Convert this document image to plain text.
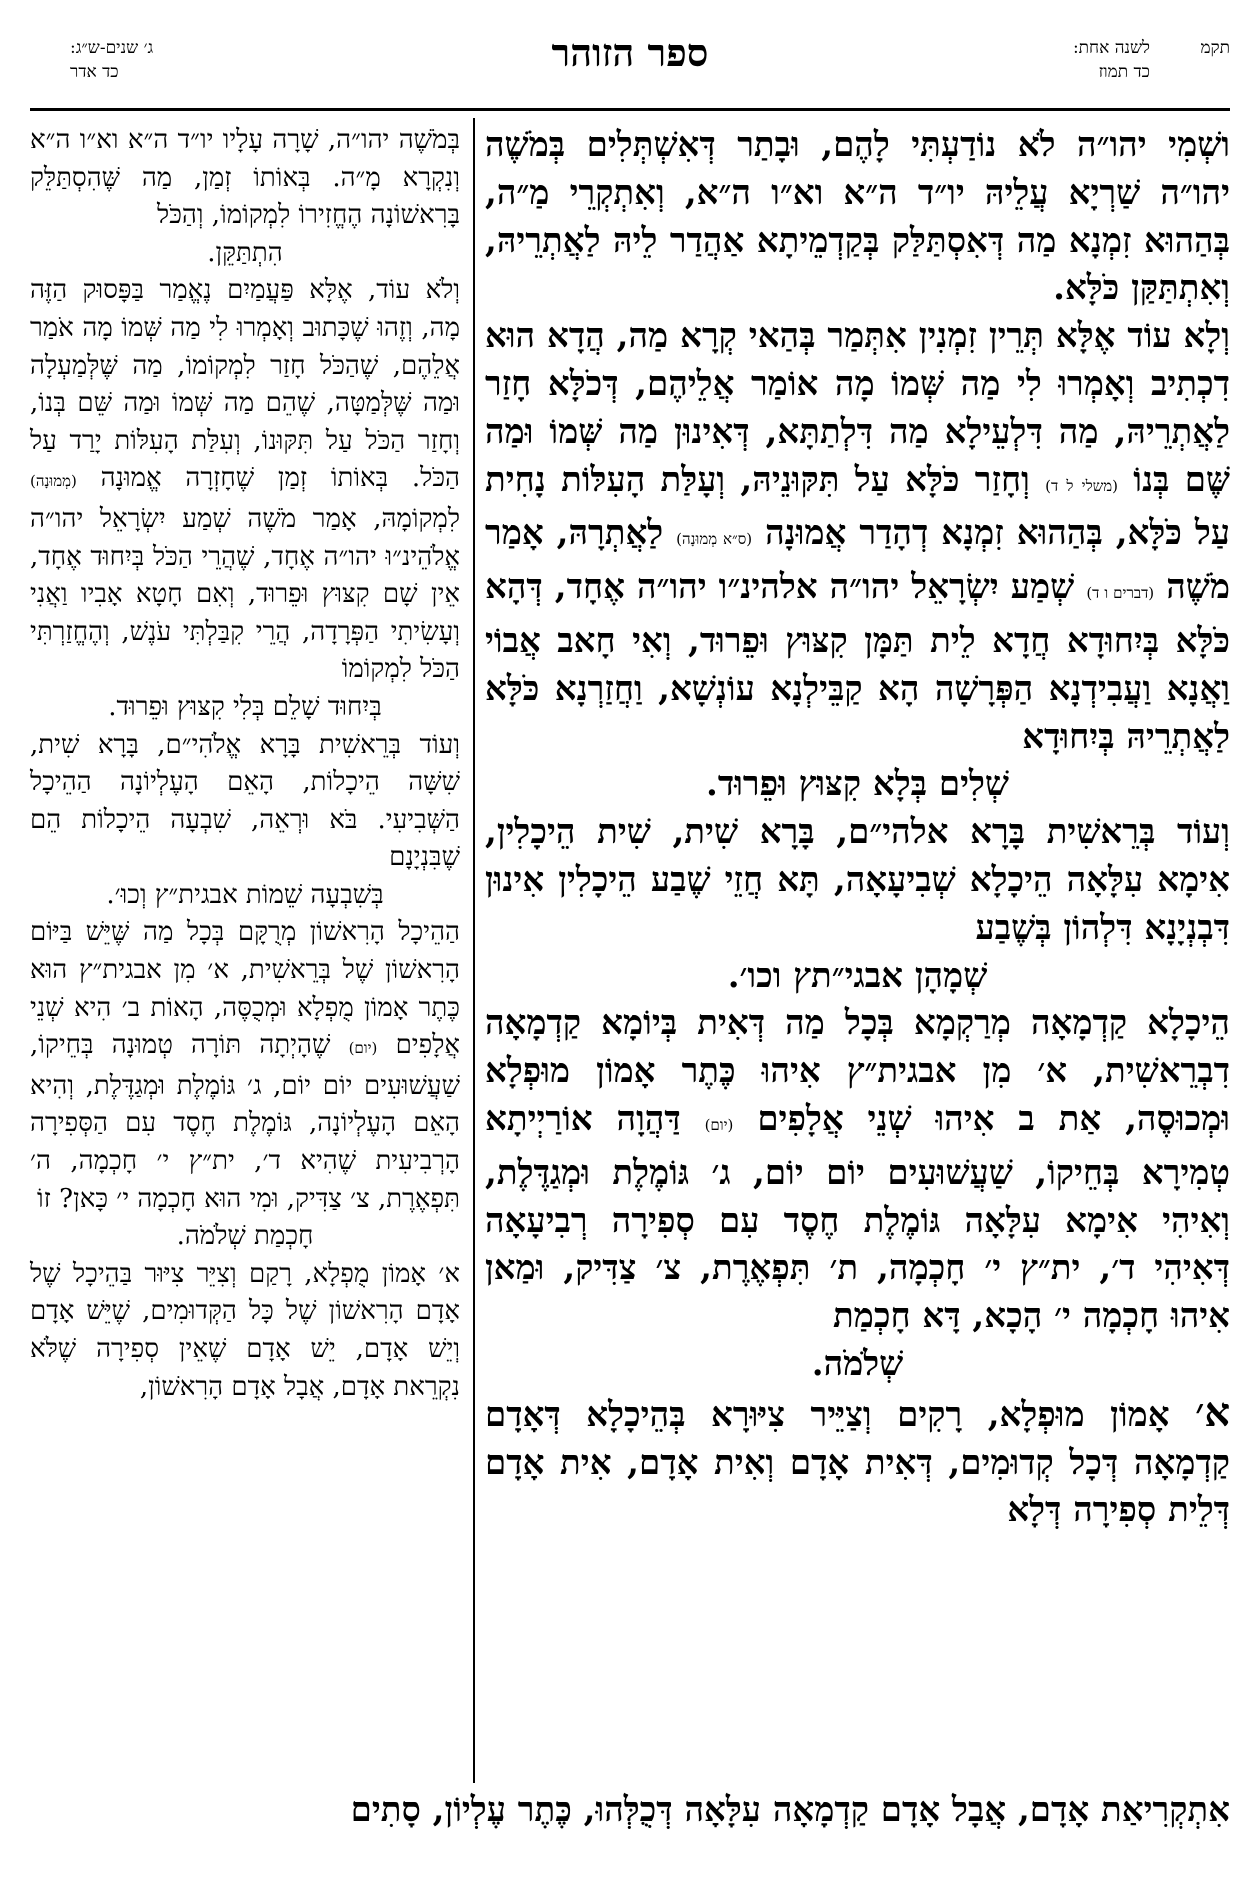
תקמ
לשנה אחת:
כד תמוז
ספר הזוהר
ג׳ שנים-ש״ג:
כד אדר

ושְׁמִי יהו״ה לֹא נוֹדַעְתִּי לָהֶם, וּבָתַר דְּאִשְׁתְּלִים בְּמֹשֶׁה יהו״ה שַׁרְיָא עֲלֵיהּ יו״ד ה״א וא״ו ה״א, וְאִתְקְרֵי מַ״ה, בְּהַהוּא זִמְנָא מַה דְּאִסְתַּלַּק בְּקַדְמֵיתָא אַהֲדַר לֵיהּ לַאֲתְרֵיהּ, וְאִתְתַּקַּן כֹּלָּא.

וְלָא עוֹד אֶלָּא תְּרֵין זִמְנִין אִתְּמַר בְּהַאי קְרָא מַה, הֲדָא הוּא דִכְתִיב וְאָמְרוּ לִי מַה שְּׁמוֹ מָה אוֹמַר אֲלֵיהֶם, דְּכֹלָּא חָזַר לַאֲתְרֵיהּ, מַה דִּלְעֵילָא מַה דִּלְתַתָּא, דְּאִינוּן מַה שְּׁמוֹ וּמַה שֶּׁם בְּנוֹ (משלי ל ד) וְחָזַר כֹּלָּא עַל תִּקּוּנֵיהּ, וְעָלַּת הָעִלּוֹת נָחִית עַל כֹּלָּא, בְּהַהוּא זִמְנָא דְהָדַר אֲמוּנָה (ס״א מְמוּנָה) לַאֲתְרָהּ, אָמַר מֹשֶׁה (דברים ו ד) שְׁמַע יִשְׂרָאֵל יהו״ה אלהינ״ו יהו״ה אֶחָד, דְּהָא כֹּלָּא בְּיִחוּדָא חֲדָא לֵית תַּמָּן קִצּוּץ וּפֵרוּד, וְאִי חָאב אֲבוֹי וַאֲנָא וַעֲבִידְנָא הַפְּרָשָׁה הָא קַבֵּילְנָא עוֹנְשָׁא, וַחֲזַרְנָא כֹּלָּא לַאֲתְרֵיהּ בְּיִחוּדָא

שְׁלִים בְּלָא קִצּוּץ וּפֵרוּד.

וְעוֹד בְּרֵאשִׁית בָּרָא אלהי״ם, בָּרָא שִׁית, שִׁית הֵיכָלִין, אִימָא עִלָּאָה הֵיכָלָא שְׁבִיעָאָה, תָּא חֲזֵי שֶׁבַע הֵיכָלִין אִינוּן דִּבְנְיָנָא דִּלְהוֹן בְּשֶׁבַע

שְׁמָהָן אבגי״תץ וכו׳.

הֵיכָלָא קַדְמָאָה מְרַקְמָא בְּכָל מַה דְּאִית בְּיוֹמָא קַדְמָאָה דִבְרֵאשִׁית, א׳ מִן אבגית״ץ אִיהוּ כֶּתֶר אָמוֹן מוּפְלָא וּמְכוּסֶה, אַת ב אִיהוּ שְׁנֵי אֲלָפִים (יום) דַּהֲוָה אוֹרַיְיתָא טְמִירָא בְּחֵיקוֹ, שַׁעֲשׁוּעִים יוֹם יוֹם, ג׳ גּוֹמֶלֶת וּמְגַדֶּלֶת, וְאִיהִי אִימָא עִלָּאָה גּוֹמֶלֶת חֶסֶד עִם סְפִירָה רְבִיעָאָה דְּאִיהִי ד׳, ית״ץ י׳ חָכְמָה, ת׳ תִּפְאֶרֶת, צ׳ צַדִּיק, וּמַאן אִיהוּ חָכְמָה י׳ הָכָא, דָּא חָכְמַת

שְׁלֹמֹה.

א׳ אָמוֹן מוּפְלָא, רָקִים וְצַיֵּיר צִיּוּרָא בְּהֵיכָלָא דְּאָדָם קַדְמָאָה דְּכָל קְדוּמִים, דְּאִית אָדָם וְאִית אָדָם, אִית אָדָם דְּלֵית סְפִירָה דְּלָא

בְּמֹשֶׁה יהו״ה, שָׁרָה עָלָיו יו״ד ה״א וא״ו ה״א וְנִקְרָא מָ״ה. בְּאוֹתוֹ זְמַן, מַה שֶּׁהִסְתַּלֵּק בָּרִאשׁוֹנָה הֶחֱזִירוֹ לִמְקוֹמוֹ, וְהַכֹּל

הִתְתַּקֵּן.

וְלֹא עוֹד, אֶלָּא פַּעֲמַיִם נֶאֱמַר בַּפָּסוּק הַזֶּה מָה, וְזֶהוּ שֶׁכָּתוּב וְאָמְרוּ לִי מַה שְּׁמוֹ מָה אֹמַר אֲלֵהֶם, שֶׁהַכֹּל חָזַר לִמְקוֹמוֹ, מַה שֶּׁלְּמַעְלָה וּמַה שֶּׁלְּמַטָּה, שֶׁהֵם מַה שְּׁמוֹ וּמַה שֵּׁם בְּנוֹ, וְחָזַר הַכֹּל עַל תִּקּוּנוֹ, וְעִלַּת הָעִלּוֹת יָרַד עַל הַכֹּל. בְּאוֹתוֹ זְמַן שֶׁחָזְרָה אֱמוּנָה (מְמוּנָה) לִמְקוֹמָהּ, אָמַר מֹשֶׁה שְׁמַע יִשְׂרָאֵל יהו״ה אֱלֹהֵינ״וּ יהו״ה אֶחָד, שֶׁהֲרֵי הַכֹּל בְּיִחוּד אֶחָד, אֵין שָׁם קִצּוּץ וּפֵרוּד, וְאִם חָטָא אָבִיו וַאֲנִי וְעָשִׂיתִי הַפְּרָדָה, הֲרֵי קִבַּלְתִּי עֹנֶשׁ, וְהֶחֱזַרְתִּי הַכֹּל לִמְקוֹמוֹ

בְּיִחוּד שָׁלֵם בְּלִי קִצּוּץ וּפֵרוּד.

וְעוֹד בְּרֵאשִׁית בָּרָא אֱלֹהִי״ם, בָּרָא שִׁית, שִׁשָּׁה הֵיכָלוֹת, הָאֵם הָעֶלְיוֹנָה הַהֵיכָל הַשְּׁבִיעִי. בֹּא וּרְאֵה, שִׁבְעָה הֵיכָלוֹת הֵם שֶׁבִּנְיָנָם

בְּשִׁבְעָה שֵׁמוֹת אבגית״ץ וְכוּ׳.

הַהֵיכָל הָרִאשׁוֹן מְרֻקָּם בְּכָל מַה שֶּׁיֵּשׁ בַּיּוֹם הָרִאשׁוֹן שֶׁל בְּרֵאשִׁית, א׳ מִן אבגית״ץ הוּא כֶּתֶר אָמוֹן מֻפְלָא וּמְכֻסֶּה, הָאוֹת ב׳ הִיא שְׁנֵי אֲלָפִים (יום) שֶׁהָיְתָה תּוֹרָה טְמוּנָה בְּחֵיקוֹ, שַׁעֲשׁוּעִים יוֹם יוֹם, ג׳ גּוֹמֶלֶת וּמְגַדֶּלֶת, וְהִיא הָאֵם הָעֶלְיוֹנָה, גּוֹמֶלֶת חֶסֶד עִם הַסְּפִירָה הָרְבִיעִית שֶׁהִיא ד׳, ית״ץ י׳ חָכְמָה, ה׳ תִּפְאֶרֶת, צ׳ צַדִּיק, וּמִי הוּא חָכְמָה י׳ כָּאן? זוֹ

חָכְמַת שְׁלֹמֹה.

א׳ אָמוֹן מֻפְלָא, רָקַם וְצִיֵּר צִיּוּר בַּהֵיכָל שֶׁל אָדָם הָרִאשׁוֹן שֶׁל כָּל הַקְּדוּמִים, שֶׁיֵּשׁ אָדָם וְיֵשׁ אָדָם, יֵשׁ אָדָם שֶׁאֵין סְפִירָה שֶׁלֹּא נִקְרֵאת אָדָם, אֲבָל אָדָם הָרִאשׁוֹן,

אִתְקְרִיאַת אָדָם, אֲבָל אָדָם קַדְמָאָה עִלָּאָה דְּכֻלְּהוּ, כֶּתֶר עֶלְיוֹן, סָתִים
